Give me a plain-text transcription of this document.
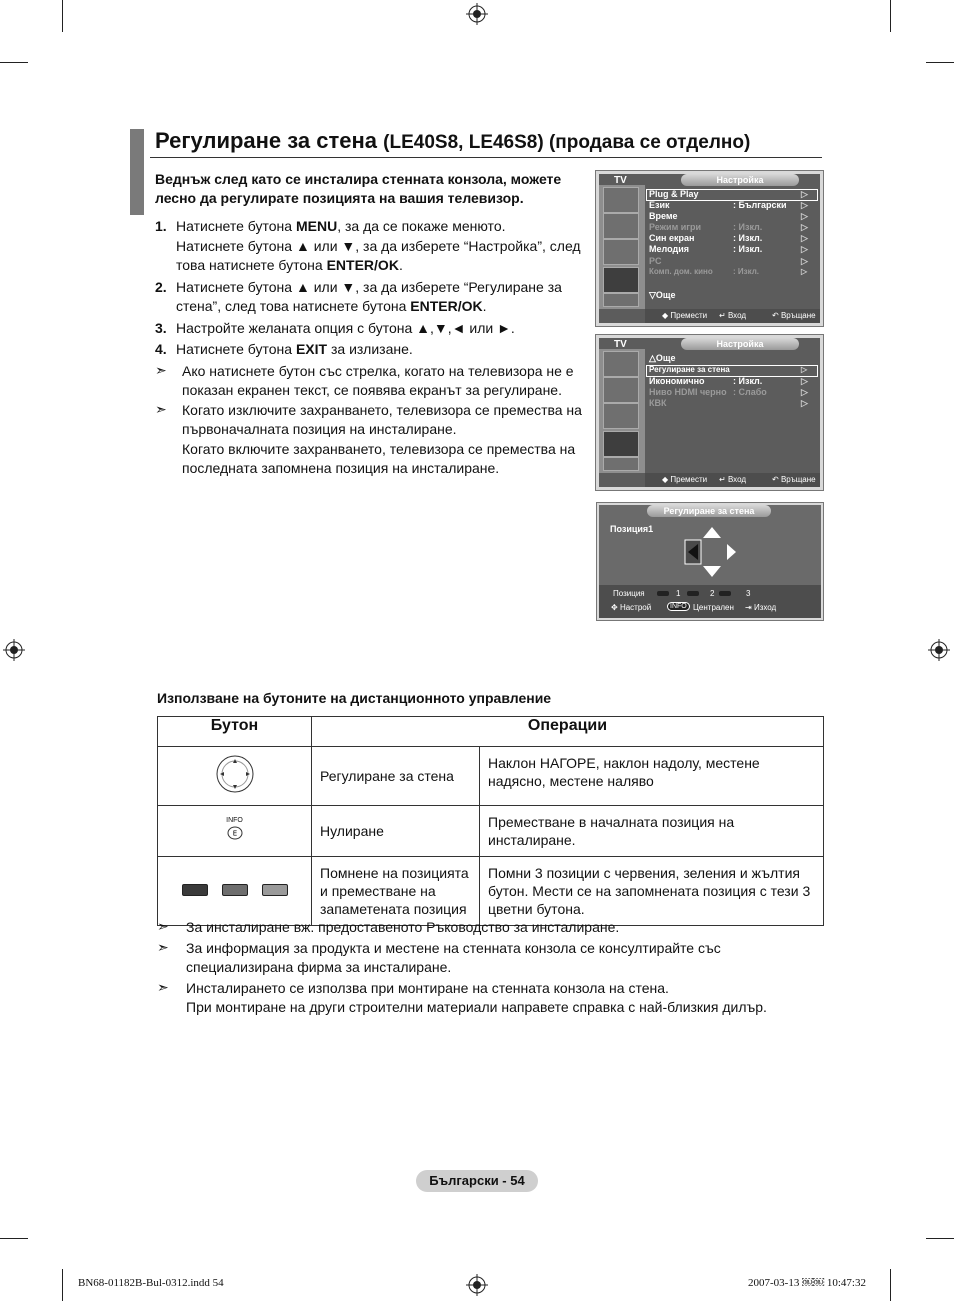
Регулиране за стена (LE40S8, LE46S8) (продава се отделно)
Веднъж след като се инсталира стенната конзола, можете лесно да регулирате позицията на вашия телевизор.
1. Натиснете бутона MENU, за да се покаже менюто.
Натиснете бутона ▲ или ▼, за да изберете “Настройка”, след това натиснете бутона ENTER/OK.
2. Натиснете бутона ▲ или ▼, за да изберете “Регулиране за стена”, след това натиснете бутона ENTER/OK.
3. Настройте желаната опция с бутона ▲,▼,◄ или ►.
4. Натиснете бутона EXIT за излизане.
➣ Ако натиснете бутон със стрелка, когато на телевизора не е показан екранен текст, се появява екранът за регулиране.
➣ Когато изключите захранването, телевизора се премества на първоначалната позиция на инсталиране.
Когато включите захранването, телевизора се премества на последната запомнена позиция на инсталиране.
TV	Настройка
Plug & Play	▷
Език	: Български ▷
Време	▷
Режим игри	: Изкл.	▷
Син екран	: Изкл.	▷
Мелодия	: Изкл.	▷
PC	▷
Комп. дом. кино	: Изкл.	▷
▽Още
◆ Премести ↵ Вход	↶ Връщане
TV	Настройка
△Още
Регулиране за стена	▷
Икономично	: Изкл.	▷
Ниво HDMI черно : Слабо	▷
КВК	▷
◆ Премести ↵ Вход	↶ Връщане
Регулиране за стена
Позиция1
Позиция	1	2	3
✥ Настрой	INFO Централен ⇥ Изход
Използване на бутоните на дистанционното управление
Бутон	Операции	
	Регулиране за стена	Наклон НАГОРЕ, наклон надолу, местене надясно, местене наляво

INFO
E	Нулиране	Преместване в началната позиция на инсталиране.
	Помнене на позицията и преместване на запаметената позиция	Помни 3 позиции с червения, зеления и жълтия бутон. Мести се на запомнената позиция с тези 3 цветни бутона.
➣ За инсталиране вж. предоставеното Ръководство за инсталиране.
➣ За информация за продукта и местене на стенната конзола се консултирайте със специализирана фирма за инсталиране.
➣ Инсталирането се използва при монтиране на стенната конзола на стена.
При монтиране на други строителни материали направете справка с най-близкия дилър.
Български - 54
BN68-01182B-Bul-0312.indd 54	2007-03-13 ￼￼ 10:47:32
